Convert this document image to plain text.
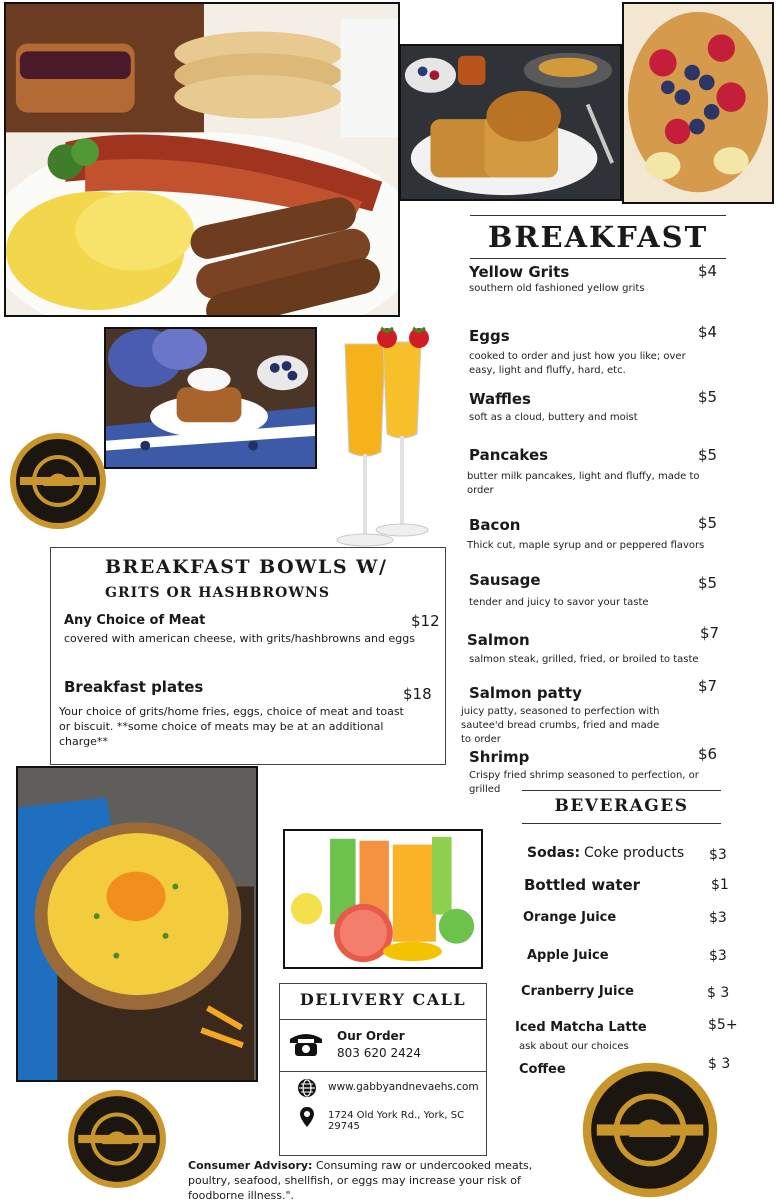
BREAKFAST
Yellow Grits	$4
southern old fashioned yellow grits
Eggs	$4
cooked to order and just how you like; over easy, light and fluffy, hard, etc.
Waffles	$5
soft as a cloud, buttery and moist
Pancakes	$5
butter milk pancakes, light and fluffy, made to order
Bacon	$5
Thick cut, maple syrup and or peppered flavors
Sausage	$5
tender and juicy to savor your taste
Salmon	$7
salmon steak, grilled, fried, or broiled to taste
Salmon patty	$7
juicy patty, seasoned to perfection with sautee'd bread crumbs, fried and made to order
Shrimp	$6
Crispy fried shrimp seasoned to perfection, or grilled
BREAKFAST BOWLS W/
GRITS OR HASHBROWNS
Any Choice of Meat	$12
covered with american cheese, with grits/hashbrowns and eggs
Breakfast plates	$18
Your choice of grits/home fries, eggs, choice of meat and toast or biscuit. **some choice of meats may be at an additional charge**
BEVERAGES
Sodas: Coke products $3
Bottled water	$1
Orange Juice	$3
Apple Juice	$3
Cranberry Juice	$ 3
Iced Matcha Latte	$5+
ask about our choices
Coffee	$ 3
DELIVERY CALL
Our Order
803 620 2424
www.gabbyandnevaehs.com
1724 Old York Rd., York, SC 29745
Consumer Advisory: Consuming raw or undercooked meats, poultry, seafood, shellfish, or eggs may increase your risk of foodborne illness.".
